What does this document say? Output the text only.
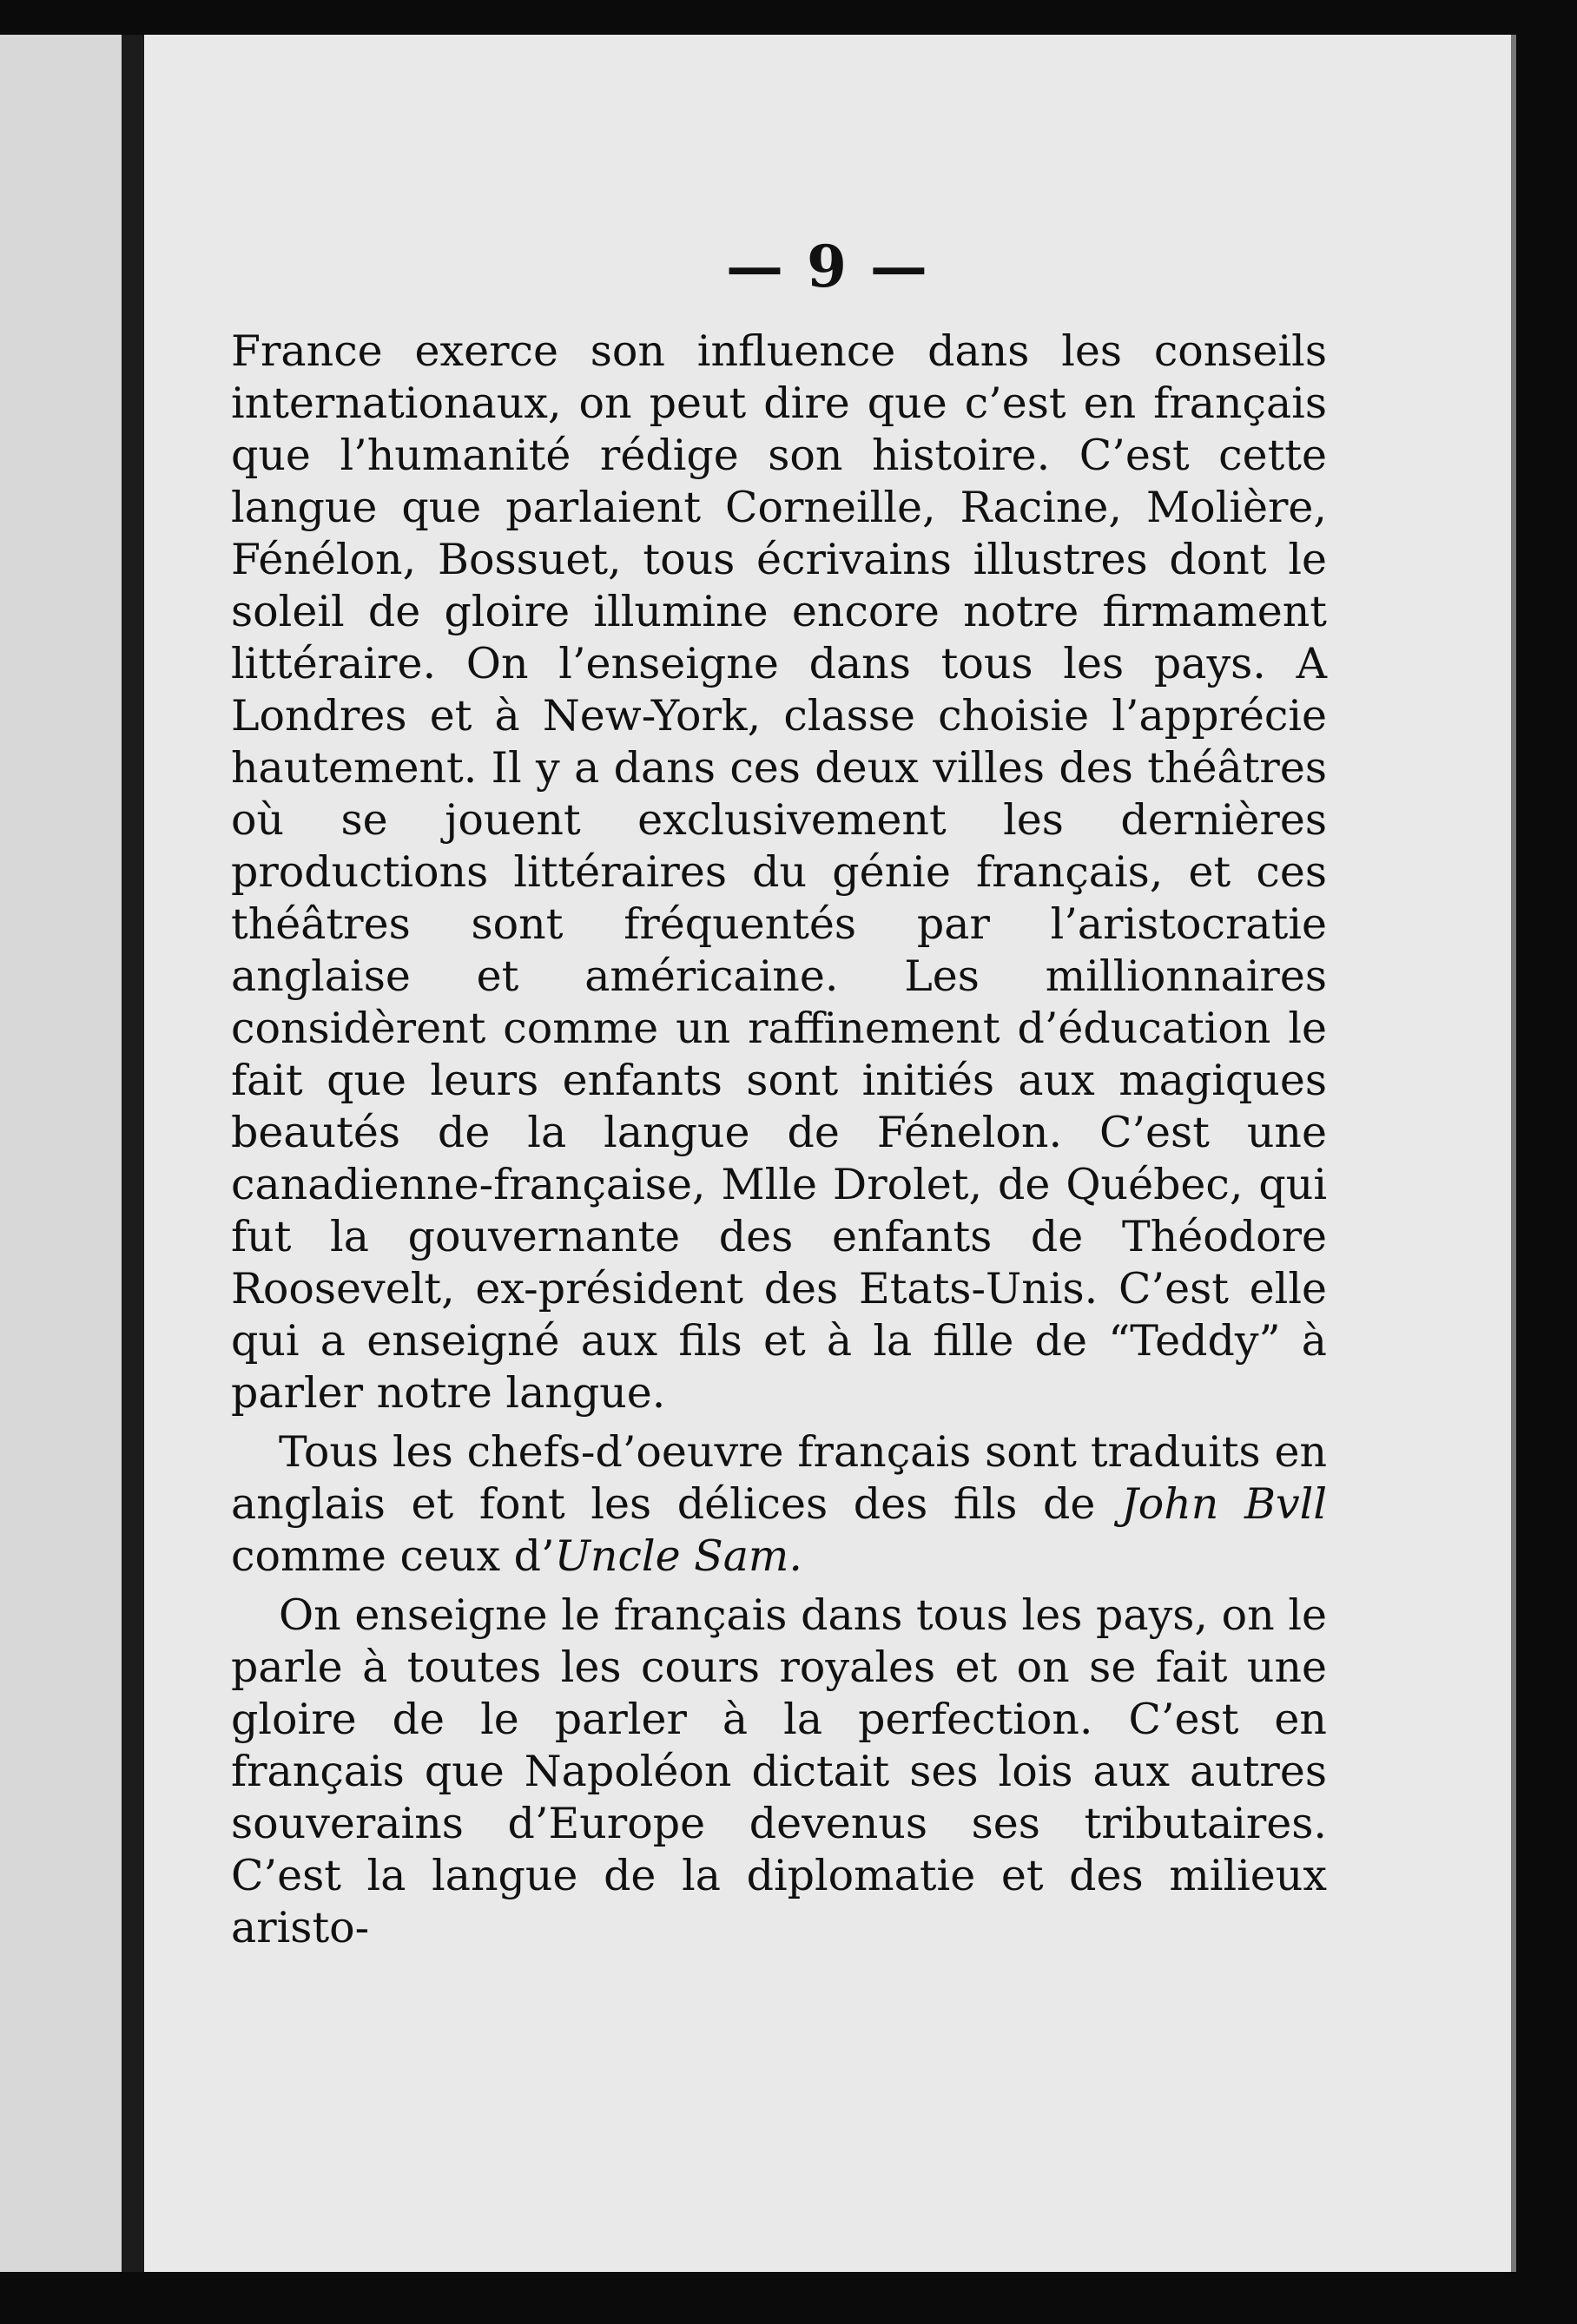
— 9 —

France exerce son influence dans les conseils internationaux, on peut dire que c’est en français que l’humanité rédige son histoire. C’est cette langue que parlaient Corneille, Racine, Molière, Fénélon, Bossuet, tous écrivains illustres dont le soleil de gloire illumine encore notre firmament littéraire. On l’enseigne dans tous les pays. A Londres et à New-York, classe choisie l’apprécie hautement. Il y a dans ces deux villes des théâtres où se jouent exclusivement les dernières productions littéraires du génie français, et ces théâtres sont fréquentés par l’aristocratie anglaise et américaine. Les millionnaires considèrent comme un raffinement d’éducation le fait que leurs enfants sont initiés aux magiques beautés de la langue de Fénelon. C’est une canadienne-française, Mlle Drolet, de Québec, qui fut la gouvernante des enfants de Théodore Roosevelt, ex-président des Etats-Unis. C’est elle qui a enseigné aux fils et à la fille de “Teddy” à parler notre langue.

Tous les chefs-d’oeuvre français sont traduits en anglais et font les délices des fils de John Bvll comme ceux d’Uncle Sam.

On enseigne le français dans tous les pays, on le parle à toutes les cours royales et on se fait une gloire de le parler à la perfection. C’est en français que Napoléon dictait ses lois aux autres souverains d’Europe devenus ses tributaires. C’est la langue de la diplomatie et des milieux aristo-
